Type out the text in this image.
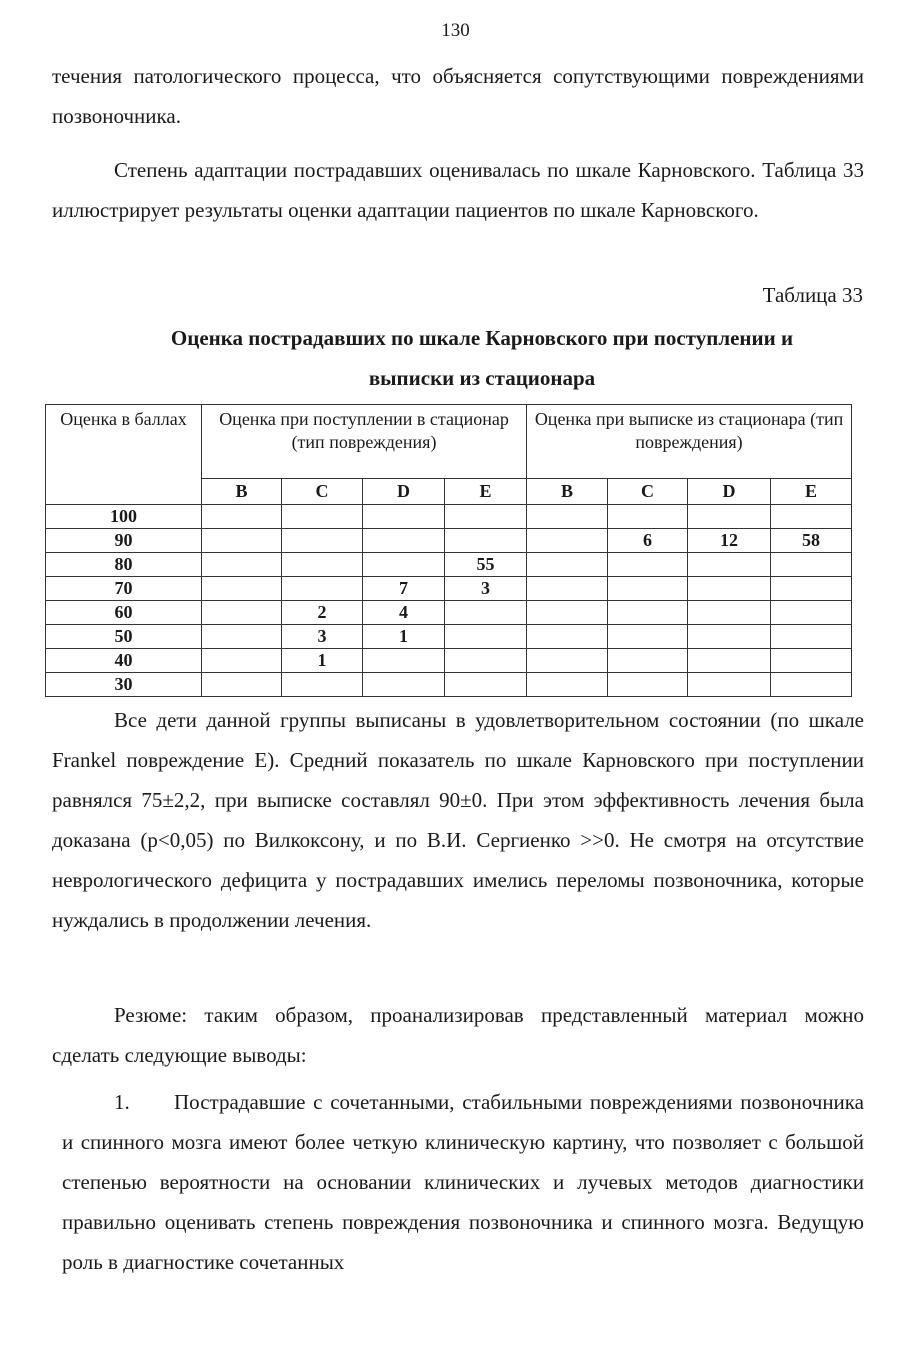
130

течения патологического процесса, что объясняется сопутствующими повреждениями позвоночника.

Степень адаптации пострадавших оценивалась по шкале Карновского. Таблица 33 иллюстрирует результаты оценки адаптации пациентов по шкале Карновского.

Таблица 33

Оценка пострадавших по шкале Карновского при поступлении и
выписки из стационара

Оценка в баллах	Оценка при поступлении в стационар (тип повреждения)				Оценка при выписке из стационара (тип повреждения)			
	B	C	D	E	B	C	D	E
100								
90						6	12	58
80				55				
70			7	3				
60		2	4					
50		3	1					
40		1						
30								

Все дети данной группы выписаны в удовлетворительном состоянии (по шкале Frankel повреждение E). Средний показатель по шкале Карновского при поступлении равнялся 75±2,2, при выписке составлял 90±0. При этом эффективность лечения была доказана (p<0,05) по Вилкоксону, и по В.И. Сергиенко >>0. Не смотря на отсутствие неврологического дефицита у пострадавших имелись переломы позвоночника, которые нуждались в продолжении лечения.

Резюме: таким образом, проанализировав представленный материал можно сделать следующие выводы:

1. Пострадавшие с сочетанными, стабильными повреждениями позвоночника и спинного мозга имеют более четкую клиническую картину, что позволяет с большой степенью вероятности на основании клинических и лучевых методов диагностики правильно оценивать степень повреждения позвоночника и спинного мозга. Ведущую роль в диагностике сочетанных
